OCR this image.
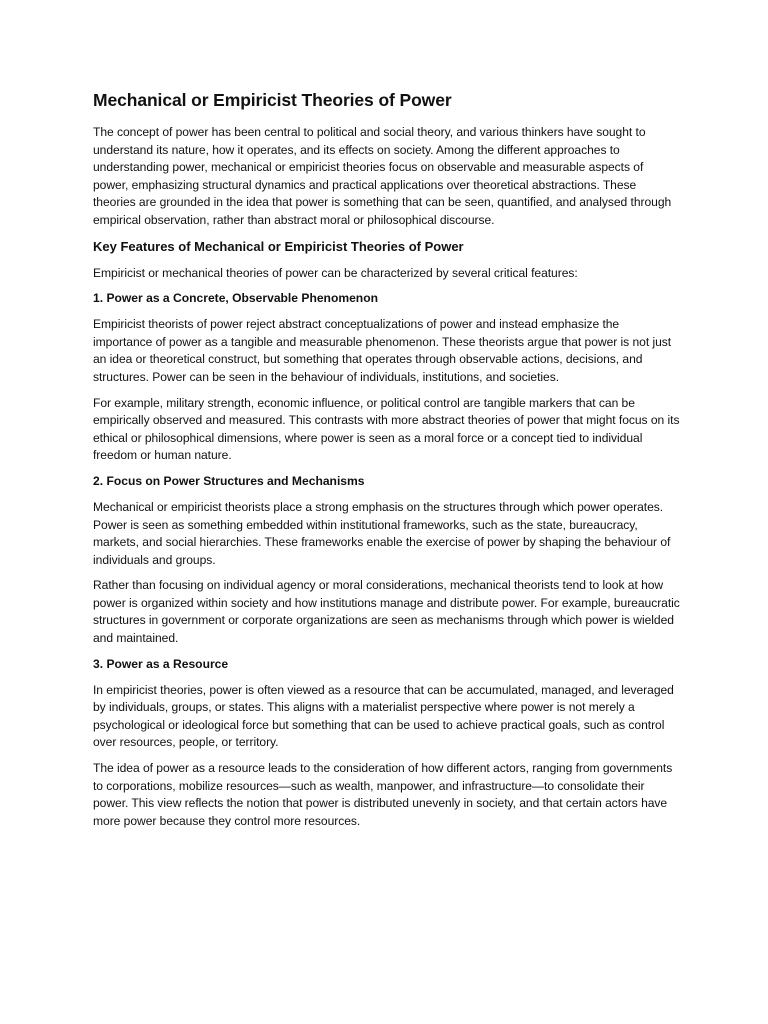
Mechanical or Empiricist Theories of Power

The concept of power has been central to political and social theory, and various thinkers have sought to understand its nature, how it operates, and its effects on society. Among the different approaches to understanding power, mechanical or empiricist theories focus on observable and measurable aspects of power, emphasizing structural dynamics and practical applications over theoretical abstractions. These theories are grounded in the idea that power is something that can be seen, quantified, and analysed through empirical observation, rather than abstract moral or philosophical discourse.

Key Features of Mechanical or Empiricist Theories of Power

Empiricist or mechanical theories of power can be characterized by several critical features:

1. Power as a Concrete, Observable Phenomenon

Empiricist theorists of power reject abstract conceptualizations of power and instead emphasize the importance of power as a tangible and measurable phenomenon. These theorists argue that power is not just an idea or theoretical construct, but something that operates through observable actions, decisions, and structures. Power can be seen in the behaviour of individuals, institutions, and societies.

For example, military strength, economic influence, or political control are tangible markers that can be empirically observed and measured. This contrasts with more abstract theories of power that might focus on its ethical or philosophical dimensions, where power is seen as a moral force or a concept tied to individual freedom or human nature.

2. Focus on Power Structures and Mechanisms

Mechanical or empiricist theorists place a strong emphasis on the structures through which power operates. Power is seen as something embedded within institutional frameworks, such as the state, bureaucracy, markets, and social hierarchies. These frameworks enable the exercise of power by shaping the behaviour of individuals and groups.

Rather than focusing on individual agency or moral considerations, mechanical theorists tend to look at how power is organized within society and how institutions manage and distribute power. For example, bureaucratic structures in government or corporate organizations are seen as mechanisms through which power is wielded and maintained.

3. Power as a Resource

In empiricist theories, power is often viewed as a resource that can be accumulated, managed, and leveraged by individuals, groups, or states. This aligns with a materialist perspective where power is not merely a psychological or ideological force but something that can be used to achieve practical goals, such as control over resources, people, or territory.

The idea of power as a resource leads to the consideration of how different actors, ranging from governments to corporations, mobilize resources—such as wealth, manpower, and infrastructure—to consolidate their power. This view reflects the notion that power is distributed unevenly in society, and that certain actors have more power because they control more resources.
